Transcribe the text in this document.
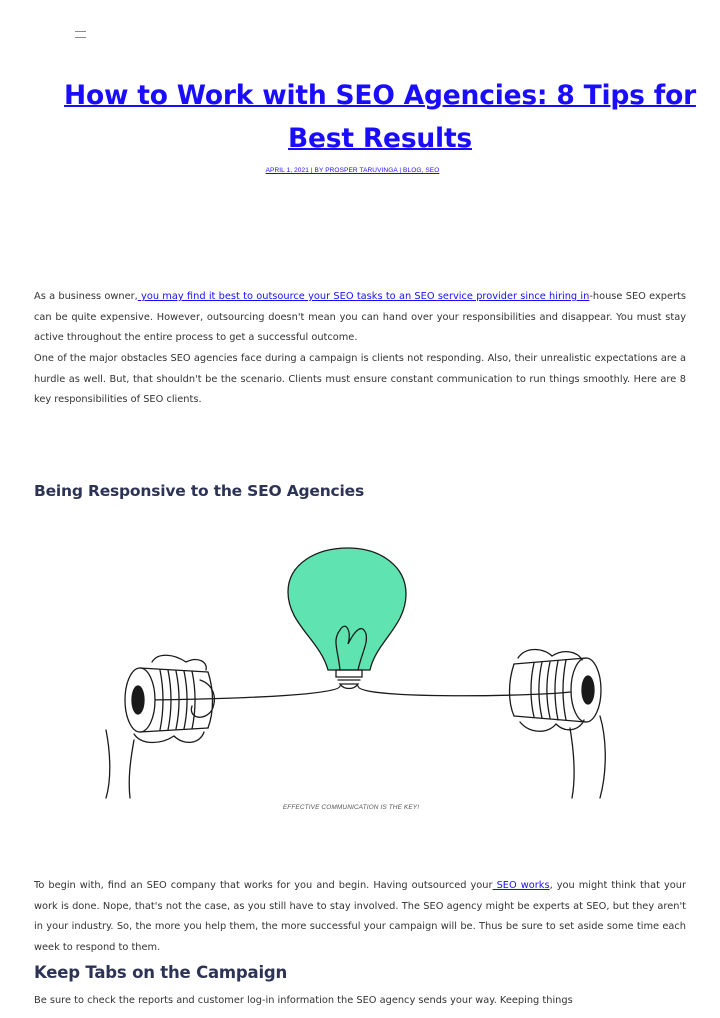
How to Work with SEO Agencies: 8 Tips for Best Results
APRIL 1, 2021 | BY PROSPER TARUVINGA | BLOG, SEO

As a business owner, you may find it best to outsource your SEO tasks to an SEO service provider since hiring in-house SEO experts can be quite expensive. However, outsourcing doesn't mean you can hand over your responsibilities and disappear. You must stay active throughout the entire process to get a successful outcome.

One of the major obstacles SEO agencies face during a campaign is clients not responding. Also, their unrealistic expectations are a hurdle as well. But, that shouldn't be the scenario. Clients must ensure constant communication to run things smoothly. Here are 8 key responsibilities of SEO clients.

Being Responsive to the SEO Agencies
EFFECTIVE COMMUNICATION IS THE KEY!

To begin with, find an SEO company that works for you and begin. Having outsourced your SEO works, you might think that your work is done. Nope, that's not the case, as you still have to stay involved. The SEO agency might be experts at SEO, but they aren't in your industry. So, the more you help them, the more successful your campaign will be. Thus be sure to set aside some time each week to respond to them.

Keep Tabs on the Campaign

Be sure to check the reports and customer log-in information the SEO agency sends your way. Keeping things
